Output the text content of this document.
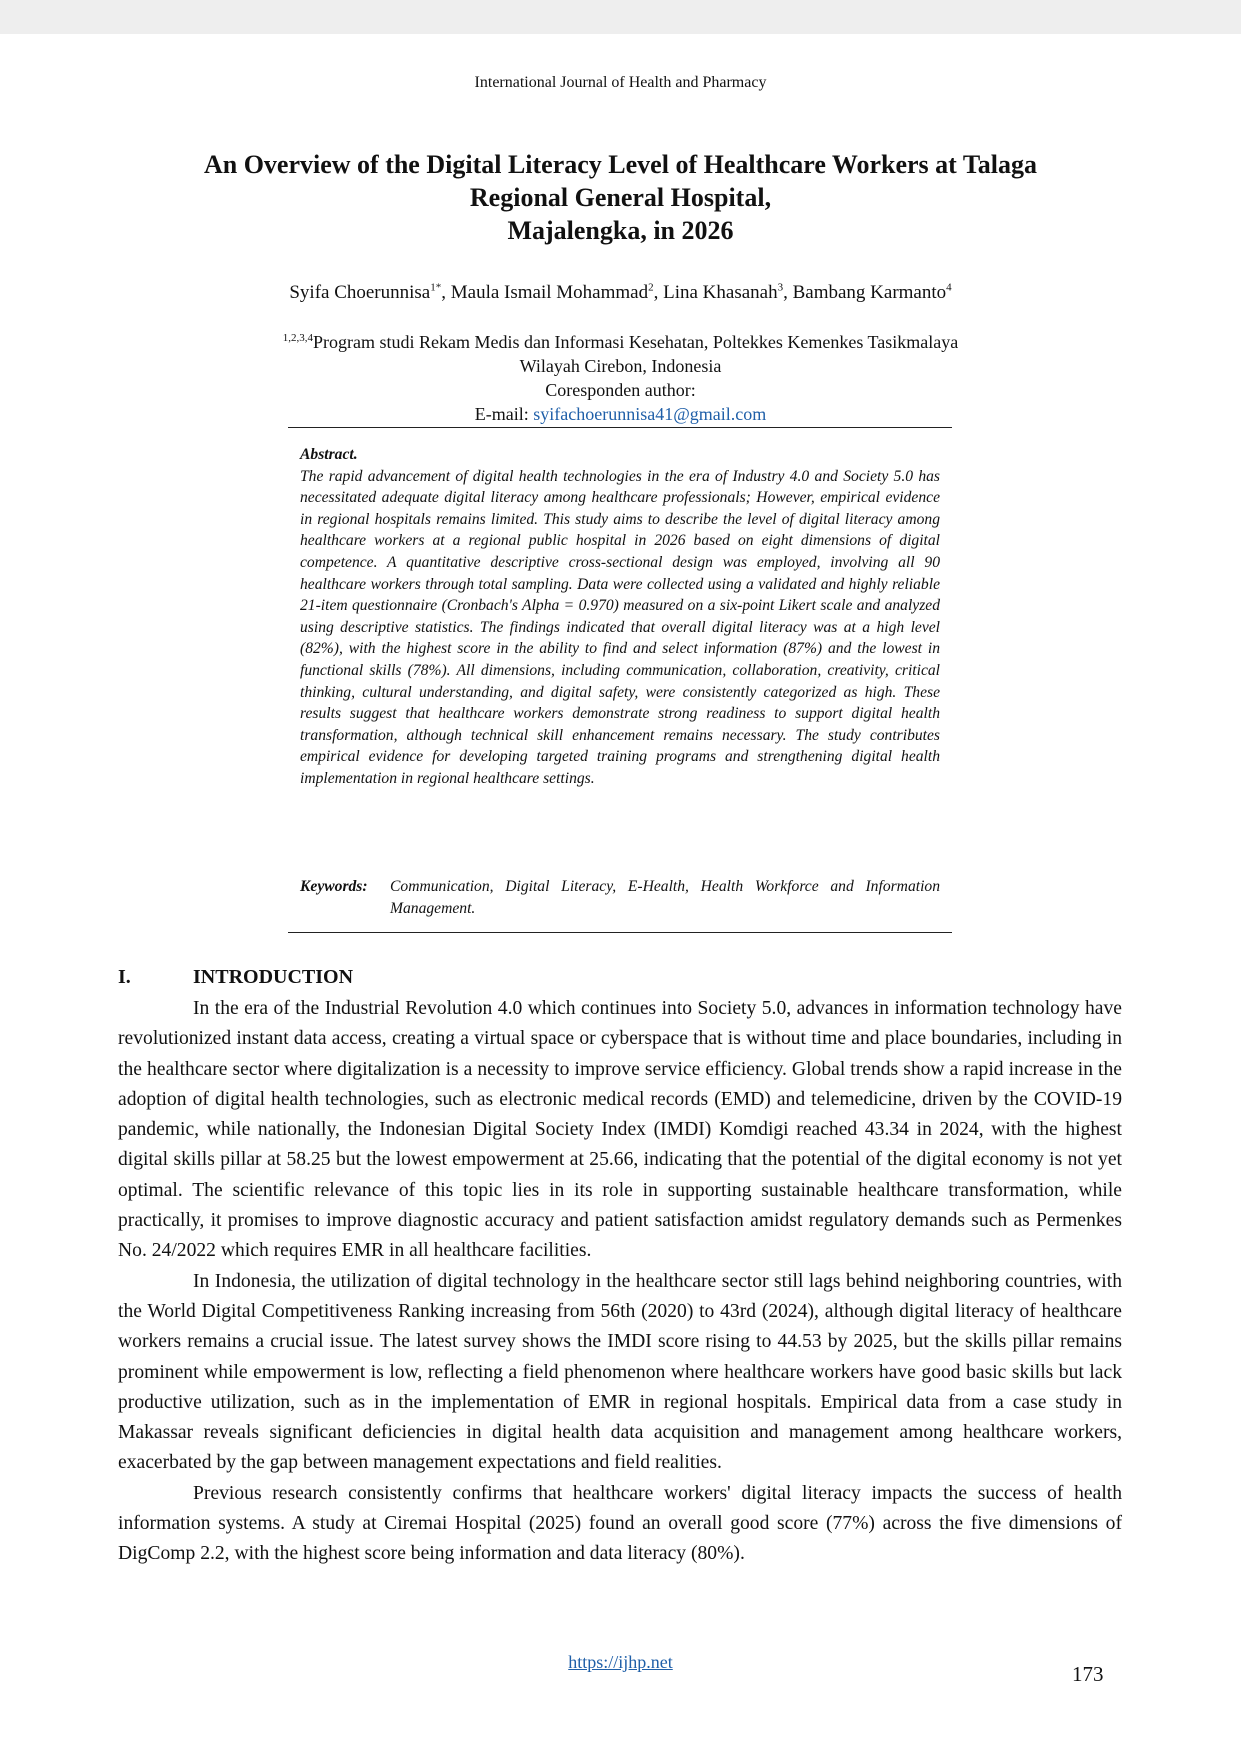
International Journal of Health and Pharmacy
An Overview of the Digital Literacy Level of Healthcare Workers at Talaga
Regional General Hospital,
Majalengka, in 2026
Syifa Choerunnisa$^{1*}$, Maula Ismail Mohammad$^2$, Lina Khasanah$^3$, Bambang Karmanto$^4$
$^{1,2,3,4}$Program studi Rekam Medis dan Informasi Kesehatan, Poltekkes Kemenkes Tasikmalaya
Wilayah Cirebon, Indonesia
Coresponden author:
E-mail: syifachoerunnisa41@gmail.com
Abstract.
The rapid advancement of digital health technologies in the era of Industry 4.0 and Society 5.0 has necessitated adequate digital literacy among healthcare professionals; However, empirical evidence in regional hospitals remains limited. This study aims to describe the level of digital literacy among healthcare workers at a regional public hospital in 2026 based on eight dimensions of digital competence. A quantitative descriptive cross-sectional design was employed, involving all 90 healthcare workers through total sampling. Data were collected using a validated and highly reliable 21-item questionnaire (Cronbach's Alpha = 0.970) measured on a six-point Likert scale and analyzed using descriptive statistics. The findings indicated that overall digital literacy was at a high level (82%), with the highest score in the ability to find and select information (87%) and the lowest in functional skills (78%). All dimensions, including communication, collaboration, creativity, critical thinking, cultural understanding, and digital safety, were consistently categorized as high. These results suggest that healthcare workers demonstrate strong readiness to support digital health transformation, although technical skill enhancement remains necessary. The study contributes empirical evidence for developing targeted training programs and strengthening digital health implementation in regional healthcare settings.
Keywords:	Communication, Digital Literacy, E-Health, Health Workforce and Information Management.
I.	INTRODUCTION

In the era of the Industrial Revolution 4.0 which continues into Society 5.0, advances in information technology have revolutionized instant data access, creating a virtual space or cyberspace that is without time and place boundaries, including in the healthcare sector where digitalization is a necessity to improve service efficiency. Global trends show a rapid increase in the adoption of digital health technologies, such as electronic medical records (EMD) and telemedicine, driven by the COVID-19 pandemic, while nationally, the Indonesian Digital Society Index (IMDI) Komdigi reached 43.34 in 2024, with the highest digital skills pillar at 58.25 but the lowest empowerment at 25.66, indicating that the potential of the digital economy is not yet optimal. The scientific relevance of this topic lies in its role in supporting sustainable healthcare transformation, while practically, it promises to improve diagnostic accuracy and patient satisfaction amidst regulatory demands such as Permenkes No. 24/2022 which requires EMR in all healthcare facilities.

In Indonesia, the utilization of digital technology in the healthcare sector still lags behind neighboring countries, with the World Digital Competitiveness Ranking increasing from 56th (2020) to 43rd (2024), although digital literacy of healthcare workers remains a crucial issue. The latest survey shows the IMDI score rising to 44.53 by 2025, but the skills pillar remains prominent while empowerment is low, reflecting a field phenomenon where healthcare workers have good basic skills but lack productive utilization, such as in the implementation of EMR in regional hospitals. Empirical data from a case study in Makassar reveals significant deficiencies in digital health data acquisition and management among healthcare workers, exacerbated by the gap between management expectations and field realities.

Previous research consistently confirms that healthcare workers' digital literacy impacts the success of health information systems. A study at Ciremai Hospital (2025) found an overall good score (77%) across the five dimensions of DigComp 2.2, with the highest score being information and data literacy (80%).

https://ijhp.net	173
